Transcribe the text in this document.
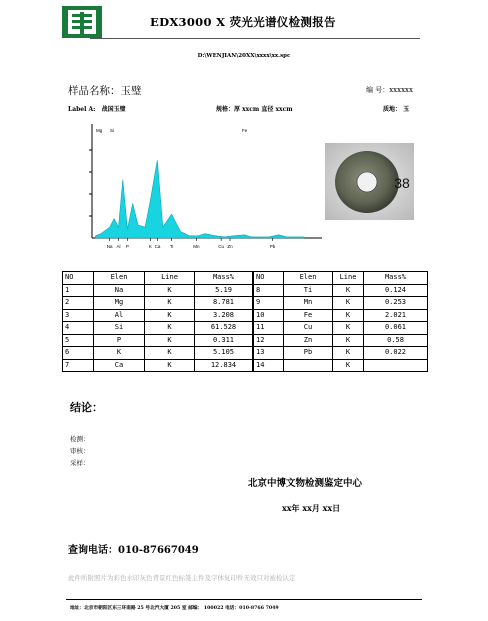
EDX3000 X 荧光光谱仪检测报告
D:\WENJIAN\20XX\xxxx\xx.spc
样品名称：玉璧	编 号：xxxxxx
Label A: 战国玉璧	规格：厚 xxcm 直径 xxcm	质地： 玉
Mg Si	Fe
Na Al P	K Ca Ti	Mn	Cu Zn	Pb
38
NO	Elen	Line	Mass%	NO	Elen	Line	Mass%
1	Na	K	5.19	8	Ti	K	0.124
2	Mg	K	8.781	9	Mn	K	0.253
3	Al	K	3.208	10	Fe	K	2.021
4	Si	K	61.528	11	Cu	K	0.061
5	P	K	0.311	12	Zn	K	0.58
6	K	K	5.105	13	Pb	K	0.022
7	Ca	K	12.834	14		K	
结论：
检测：
审核：
采样：
北京中博文物检测鉴定中心
xx年 xx月 xx日
查询电话：010-87667049
此件所附照片为彩色水印灰色背景红色标签主件及字体复印件无效只对被检认定
地址：北京市朝阳区东三环南路 25 号北汽大厦 205 室 邮编： 100022 电话：010-8766 7049
